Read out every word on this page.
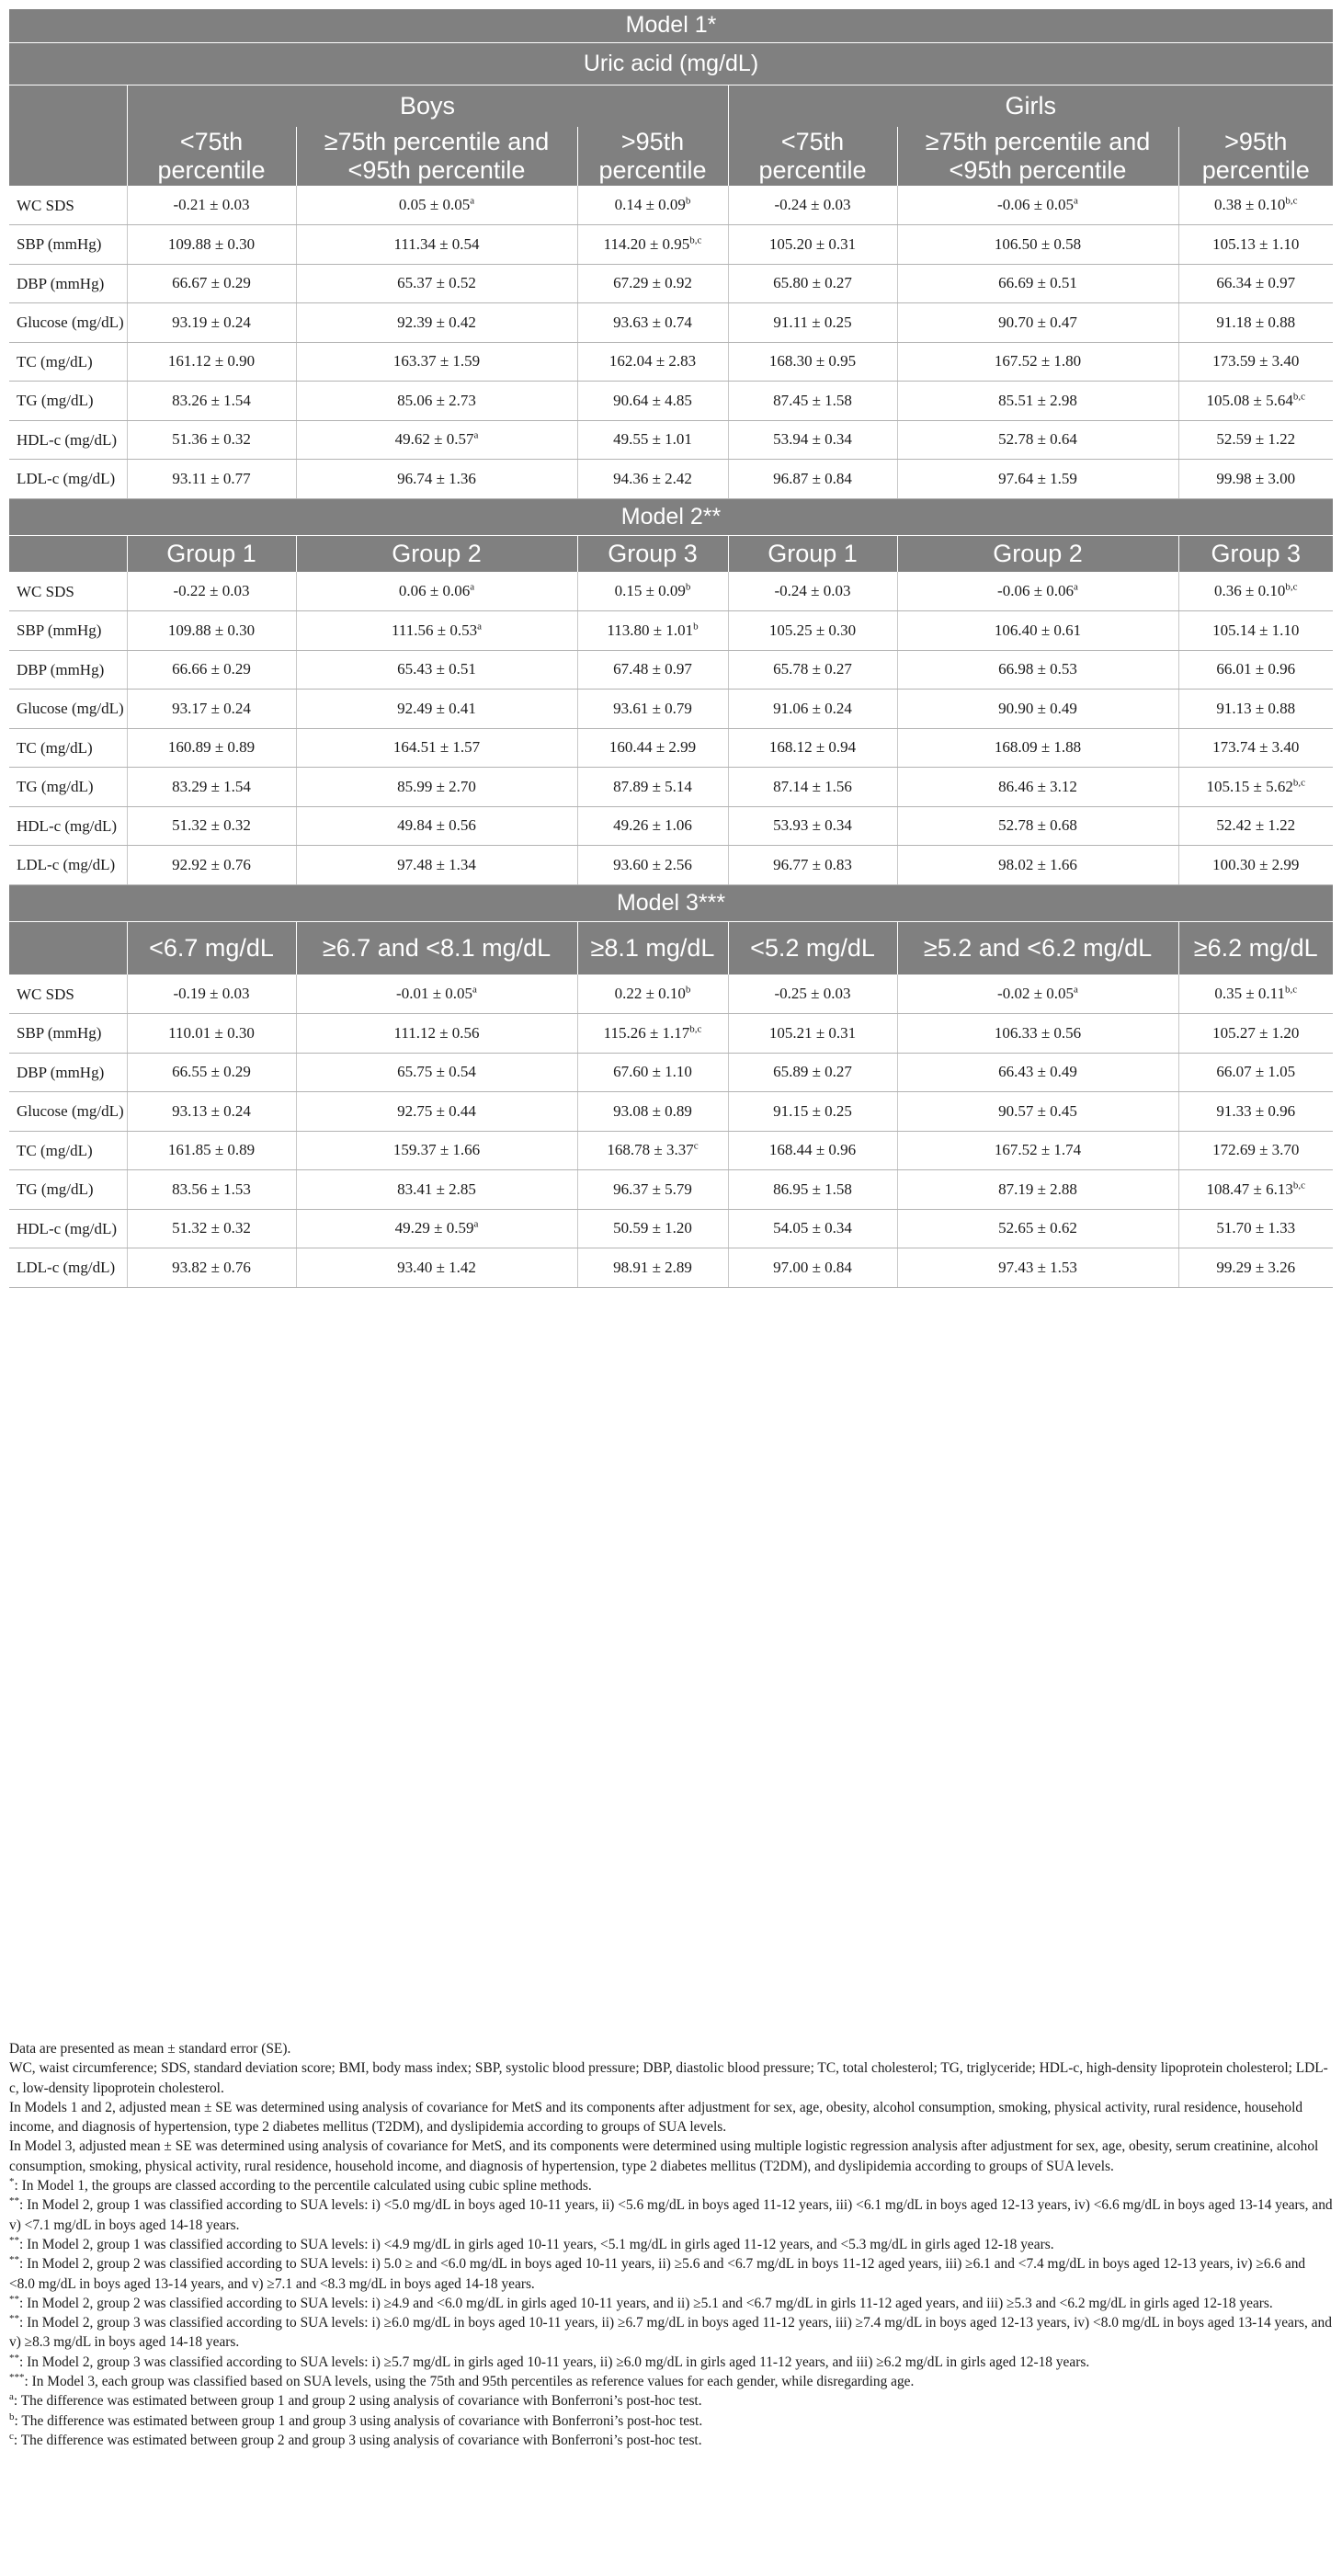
Model 1*						
Uric acid (mg/dL)						
	Boys			Girls		
	<75th percentile	≥75th percentile and <95th percentile	>95th percentile	<75th percentile	≥75th percentile and <95th percentile	>95th percentile
WC SDS	-0.21 ± 0.03	0.05 ± 0.05$^a$	0.14 ± 0.09$^b$	-0.24 ± 0.03	-0.06 ± 0.05$^a$	$0.38 \pm 0.10^{b,c}$
SBP (mmHg)	109.88 ± 0.30	111.34 ± 0.54	$114.20 \pm 0.95^{b,c}$	105.20 ± 0.31	106.50 ± 0.58	105.13 ± 1.10
DBP (mmHg)	66.67 ± 0.29	65.37 ± 0.52	67.29 ± 0.92	65.80 ± 0.27	66.69 ± 0.51	66.34 ± 0.97
Glucose (mg/dL)	93.19 ± 0.24	92.39 ± 0.42	93.63 ± 0.74	91.11 ± 0.25	90.70 ± 0.47	91.18 ± 0.88
TC (mg/dL)	161.12 ± 0.90	163.37 ± 1.59	162.04 ± 2.83	168.30 ± 0.95	167.52 ± 1.80	173.59 ± 3.40
TG (mg/dL)	83.26 ± 1.54	85.06 ± 2.73	90.64 ± 4.85	87.45 ± 1.58	85.51 ± 2.98	$105.08 \pm 5.64^{b,c}$
HDL-c (mg/dL)	51.36 ± 0.32	49.62 ± 0.57$^a$	49.55 ± 1.01	53.94 ± 0.34	52.78 ± 0.64	52.59 ± 1.22
LDL-c (mg/dL)	93.11 ± 0.77	96.74 ± 1.36	94.36 ± 2.42	96.87 ± 0.84	97.64 ± 1.59	99.98 ± 3.00
Model 2**						
	Group 1	Group 2	Group 3	Group 1	Group 2	Group 3
WC SDS	-0.22 ± 0.03	0.06 ± 0.06$^a$	0.15 ± 0.09$^b$	-0.24 ± 0.03	-0.06 ± 0.06$^a$	$0.36 \pm 0.10^{b,c}$
SBP (mmHg)	109.88 ± 0.30	111.56 ± 0.53$^a$	113.80 ± 1.01$^b$	105.25 ± 0.30	106.40 ± 0.61	105.14 ± 1.10
DBP (mmHg)	66.66 ± 0.29	65.43 ± 0.51	67.48 ± 0.97	65.78 ± 0.27	66.98 ± 0.53	66.01 ± 0.96
Glucose (mg/dL)	93.17 ± 0.24	92.49 ± 0.41	93.61 ± 0.79	91.06 ± 0.24	90.90 ± 0.49	91.13 ± 0.88
TC (mg/dL)	160.89 ± 0.89	164.51 ± 1.57	160.44 ± 2.99	168.12 ± 0.94	168.09 ± 1.88	173.74 ± 3.40
TG (mg/dL)	83.29 ± 1.54	85.99 ± 2.70	87.89 ± 5.14	87.14 ± 1.56	86.46 ± 3.12	$105.15 \pm 5.62^{b,c}$
HDL-c (mg/dL)	51.32 ± 0.32	49.84 ± 0.56	49.26 ± 1.06	53.93 ± 0.34	52.78 ± 0.68	52.42 ± 1.22
LDL-c (mg/dL)	92.92 ± 0.76	97.48 ± 1.34	93.60 ± 2.56	96.77 ± 0.83	98.02 ± 1.66	100.30 ± 2.99
Model 3***						
	<6.7 mg/dL	≥6.7 and <8.1 mg/dL	≥8.1 mg/dL	<5.2 mg/dL	≥5.2 and <6.2 mg/dL	≥6.2 mg/dL
WC SDS	-0.19 ± 0.03	-0.01 ± 0.05$^a$	0.22 ± 0.10$^b$	-0.25 ± 0.03	-0.02 ± 0.05$^a$	$0.35 \pm 0.11^{b,c}$
SBP (mmHg)	110.01 ± 0.30	111.12 ± 0.56	$115.26 \pm 1.17^{b,c}$	105.21 ± 0.31	106.33 ± 0.56	105.27 ± 1.20
DBP (mmHg)	66.55 ± 0.29	65.75 ± 0.54	67.60 ± 1.10	65.89 ± 0.27	66.43 ± 0.49	66.07 ± 1.05
Glucose (mg/dL)	93.13 ± 0.24	92.75 ± 0.44	93.08 ± 0.89	91.15 ± 0.25	90.57 ± 0.45	91.33 ± 0.96
TC (mg/dL)	161.85 ± 0.89	159.37 ± 1.66	168.78 ± 3.37$^c$	168.44 ± 0.96	167.52 ± 1.74	172.69 ± 3.70
TG (mg/dL)	83.56 ± 1.53	83.41 ± 2.85	96.37 ± 5.79	86.95 ± 1.58	87.19 ± 2.88	$108.47 \pm 6.13^{b,c}$
HDL-c (mg/dL)	51.32 ± 0.32	49.29 ± 0.59$^a$	50.59 ± 1.20	54.05 ± 0.34	52.65 ± 0.62	51.70 ± 1.33
LDL-c (mg/dL)	93.82 ± 0.76	93.40 ± 1.42	98.91 ± 2.89	97.00 ± 0.84	97.43 ± 1.53	99.29 ± 3.26

Data are presented as mean ± standard error (SE).

WC, waist circumference; SDS, standard deviation score; BMI, body mass index; SBP, systolic blood pressure; DBP, diastolic blood pressure; TC, total cholesterol; TG, triglyceride; HDL-c, high-density lipoprotein cholesterol; LDL-c, low-density lipoprotein cholesterol.

In Models 1 and 2, adjusted mean ± SE was determined using analysis of covariance for MetS and its components after adjustment for sex, age, obesity, alcohol consumption, smoking, physical activity, rural residence, household income, and diagnosis of hypertension, type 2 diabetes mellitus (T2DM), and dyslipidemia according to groups of SUA levels.

In Model 3, adjusted mean ± SE was determined using analysis of covariance for MetS, and its components were determined using multiple logistic regression analysis after adjustment for sex, age, obesity, serum creatinine, alcohol consumption, smoking, physical activity, rural residence, household income, and diagnosis of hypertension, type 2 diabetes mellitus (T2DM), and dyslipidemia according to groups of SUA levels.

*: In Model 1, the groups are classed according to the percentile calculated using cubic spline methods.

**: In Model 2, group 1 was classified according to SUA levels: i) <5.0 mg/dL in boys aged 10-11 years, ii) <5.6 mg/dL in boys aged 11-12 years, iii) <6.1 mg/dL in boys aged 12-13 years, iv) <6.6 mg/dL in boys aged 13-14 years, and v) <7.1 mg/dL in boys aged 14-18 years.

**: In Model 2, group 1 was classified according to SUA levels: i) <4.9 mg/dL in girls aged 10-11 years, <5.1 mg/dL in girls aged 11-12 years, and <5.3 mg/dL in girls aged 12-18 years.

**: In Model 2, group 2 was classified according to SUA levels: i) 5.0 ≥ and <6.0 mg/dL in boys aged 10-11 years, ii) ≥5.6 and <6.7 mg/dL in boys 11-12 aged years, iii) ≥6.1 and <7.4 mg/dL in boys aged 12-13 years, iv) ≥6.6 and <8.0 mg/dL in boys aged 13-14 years, and v) ≥7.1 and <8.3 mg/dL in boys aged 14-18 years.

**: In Model 2, group 2 was classified according to SUA levels: i) ≥4.9 and <6.0 mg/dL in girls aged 10-11 years, and ii) ≥5.1 and <6.7 mg/dL in girls 11-12 aged years, and iii) ≥5.3 and <6.2 mg/dL in girls aged 12-18 years.

**: In Model 2, group 3 was classified according to SUA levels: i) ≥6.0 mg/dL in boys aged 10-11 years, ii) ≥6.7 mg/dL in boys aged 11-12 years, iii) ≥7.4 mg/dL in boys aged 12-13 years, iv) <8.0 mg/dL in boys aged 13-14 years, and v) ≥8.3 mg/dL in boys aged 14-18 years.

**: In Model 2, group 3 was classified according to SUA levels: i) ≥5.7 mg/dL in girls aged 10-11 years, ii) ≥6.0 mg/dL in girls aged 11-12 years, and iii) ≥6.2 mg/dL in girls aged 12-18 years.

***: In Model 3, each group was classified based on SUA levels, using the 75th and 95th percentiles as reference values for each gender, while disregarding age.

$^a$: The difference was estimated between group 1 and group 2 using analysis of covariance with Bonferroni’s post-hoc test.

$^b$: The difference was estimated between group 1 and group 3 using analysis of covariance with Bonferroni’s post-hoc test.

$^c$: The difference was estimated between group 2 and group 3 using analysis of covariance with Bonferroni’s post-hoc test.
